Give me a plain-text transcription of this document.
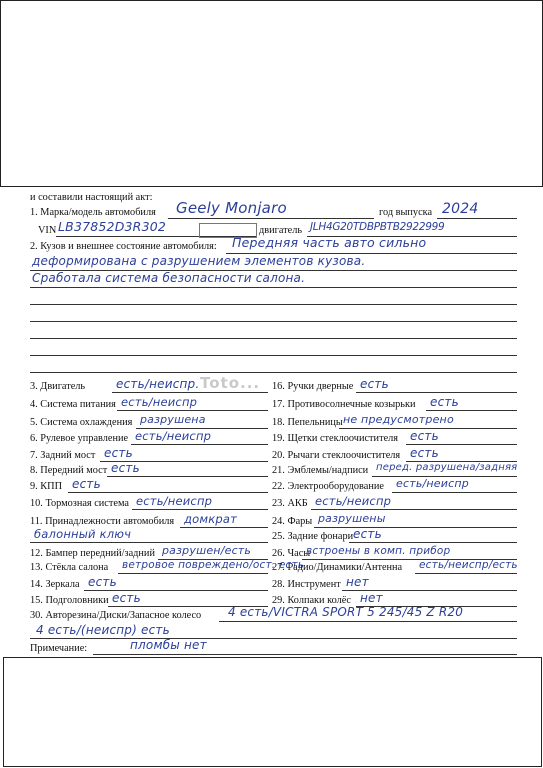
и составили настоящий акт:
1. Марка/модель автомобиля Geely Monjaro	год выпуска 2024
VIN LB37852D3R302	двигатель JLH4G20TDBPBTB2922999
2. Кузов и внешнее состояние автомобиля: Передняя часть авто сильно
деформирована с разрушением элементов кузова.
Сработала система безопасности салона.
Toto...
3. Двигатель	есть/неиспр.
4. Система питания есть/неиспр
5. Система охлаждения разрушена
6. Рулевое управление есть/неиспр
7. Задний мост есть
8. Передний мост есть
9. КПП есть
10. Тормозная система есть/неиспр
11. Принадлежности автомобиля домкрат
балонный ключ
12. Бампер передний/задний разрушен/есть
13. Стёкла салона ветровое повреждено/ост. есть
14. Зеркала есть
15. Подголовники есть
16. Ручки дверные есть
17. Противосолнечные козырьки есть
18. Пепельницы не предусмотрено
19. Щетки стеклоочистителя есть
20. Рычаги стеклоочистителя есть
21. Эмблемы/надписи перед. разрушена/задняя
22. Электрооборудование есть/неиспр
23. АКБ есть/неиспр
24. Фары разрушены
25. Задние фонари есть
26. Часы
встроены в комп. прибор
27. Радио/Динамики/Антенна есть/неиспр/есть
28. Инструмент нет
29. Колпаки колёс нет
30. Авторезина/Диски/Запасное колесо 4 есть/VICTRA SPORT 5 245/45 Z R20
4 есть/(неиспр) есть
Примечание:	пломбы нет
